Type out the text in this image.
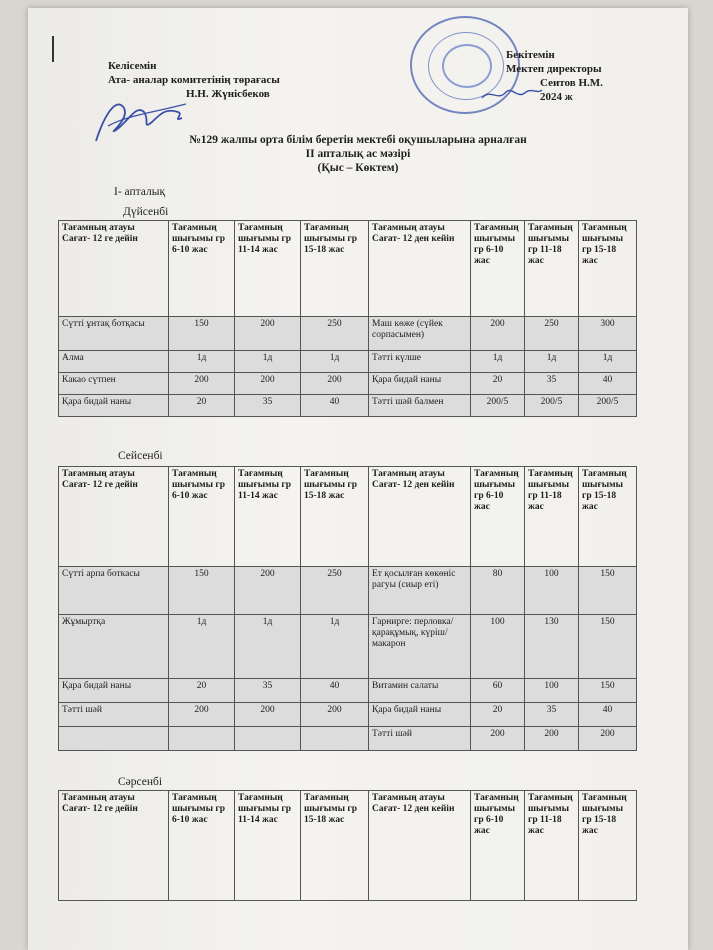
Келісемін
Ата- аналар комитетінің төрағасы
Н.Н. Жүнісбеков
Бекітемін
Мектеп директоры
Сеитов Н.М.
2024 ж
№129 жалпы орта білім беретін мектебі оқушыларына арналған
II апталық ас мәзірі
(Қыс – Көктем)
I- апталық
Дүйсенбі
Тағамның атауы Сағат- 12 ге дейін	Тағамның шығымы гр 6-10 жас	Тағамның шығымы гр 11-14 жас	Тағамның шығымы гр 15-18 жас	Тағамның атауы Сағат- 12 ден кейін	Тағамның шығымы гр 6-10 жас	Тағамның шығымы гр 11-18 жас	Тағамның шығымы гр 15-18 жас
Сүтті ұнтақ ботқасы	150	200	250	Маш көже (сүйек сорпасымен)	200	250	300
Алма	1д	1д	1д	Тәтті күлше	1д	1д	1д
Какао сүтпен	200	200	200	Қара бидай наны	20	35	40
Қара бидай наны	20	35	40	Тәтті шәй балмен	200/5	200/5	200/5
Сейсенбі
Тағамның атауы Сағат- 12 ге дейін	Тағамның шығымы гр 6-10 жас	Тағамның шығымы гр 11-14 жас	Тағамның шығымы гр 15-18 жас	Тағамның атауы Сағат- 12 ден кейін	Тағамның шығымы гр 6-10 жас	Тағамның шығымы гр 11-18 жас	Тағамның шығымы гр 15-18 жас
Сүтті арпа боткасы	150	200	250	Ет қосылған көкөніс рагуы (сиыр еті)	80	100	150
Жұмыртқа	1д	1д	1д	Гарнирге: перловка/ қарақұмық, күріш/ макарон	100	130	150
Қара бидай наны	20	35	40	Витамин салаты	60	100	150
Тәтті шәй	200	200	200	Қара бидай наны	20	35	40
				Тәтті шәй	200	200	200
Сәрсенбі
Тағамның атауы Сағат- 12 ге дейін	Тағамның шығымы гр 6-10 жас	Тағамның шығымы гр 11-14 жас	Тағамның шығымы гр 15-18 жас	Тағамның атауы Сағат- 12 ден кейін	Тағамның шығымы гр 6-10 жас	Тағамның шығымы гр 11-18 жас	Тағамның шығымы гр 15-18 жас
